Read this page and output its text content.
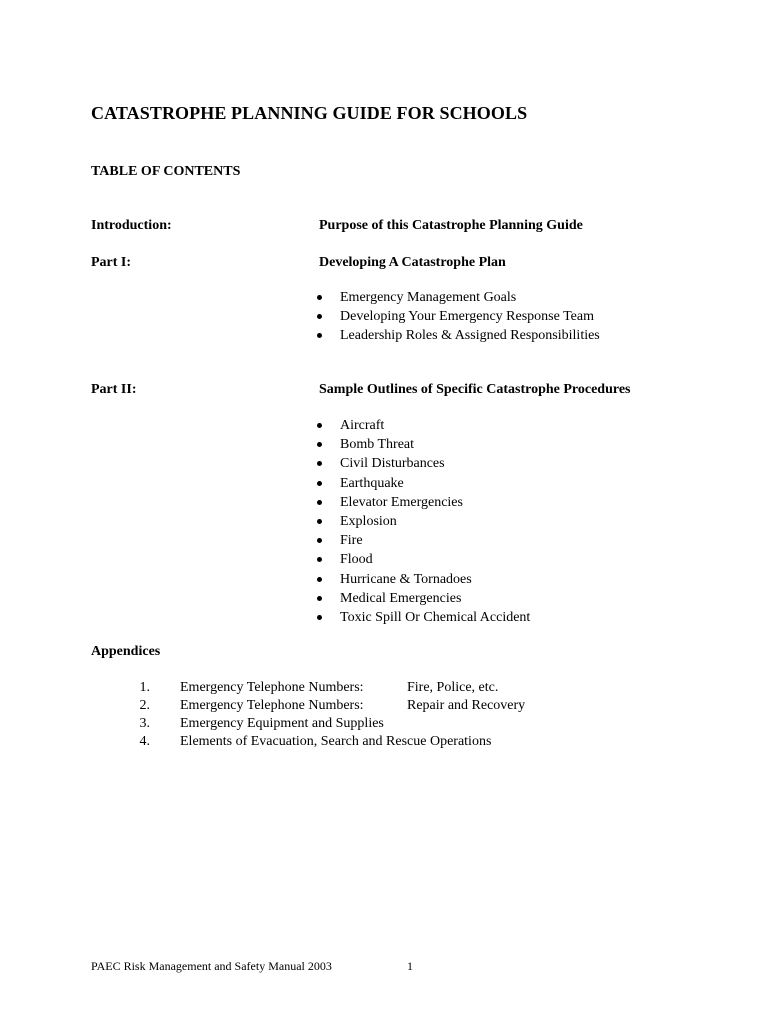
CATASTROPHE PLANNING GUIDE FOR SCHOOLS
TABLE OF CONTENTS
Introduction:	Purpose of this Catastrophe Planning Guide
Part I:	Developing A Catastrophe Plan
Emergency Management Goals
Developing Your Emergency Response Team
Leadership Roles & Assigned Responsibilities
Part II:	Sample Outlines of Specific Catastrophe Procedures
Aircraft
Bomb Threat
Civil Disturbances
Earthquake
Elevator Emergencies
Explosion
Fire
Flood
Hurricane & Tornadoes
Medical Emergencies
Toxic Spill Or Chemical Accident
Appendices
1. Emergency Telephone Numbers:	Fire, Police, etc.
2. Emergency Telephone Numbers:	Repair and Recovery
3. Emergency Equipment and Supplies
4. Elements of Evacuation, Search and Rescue Operations
PAEC Risk Management and Safety Manual 2003	1
